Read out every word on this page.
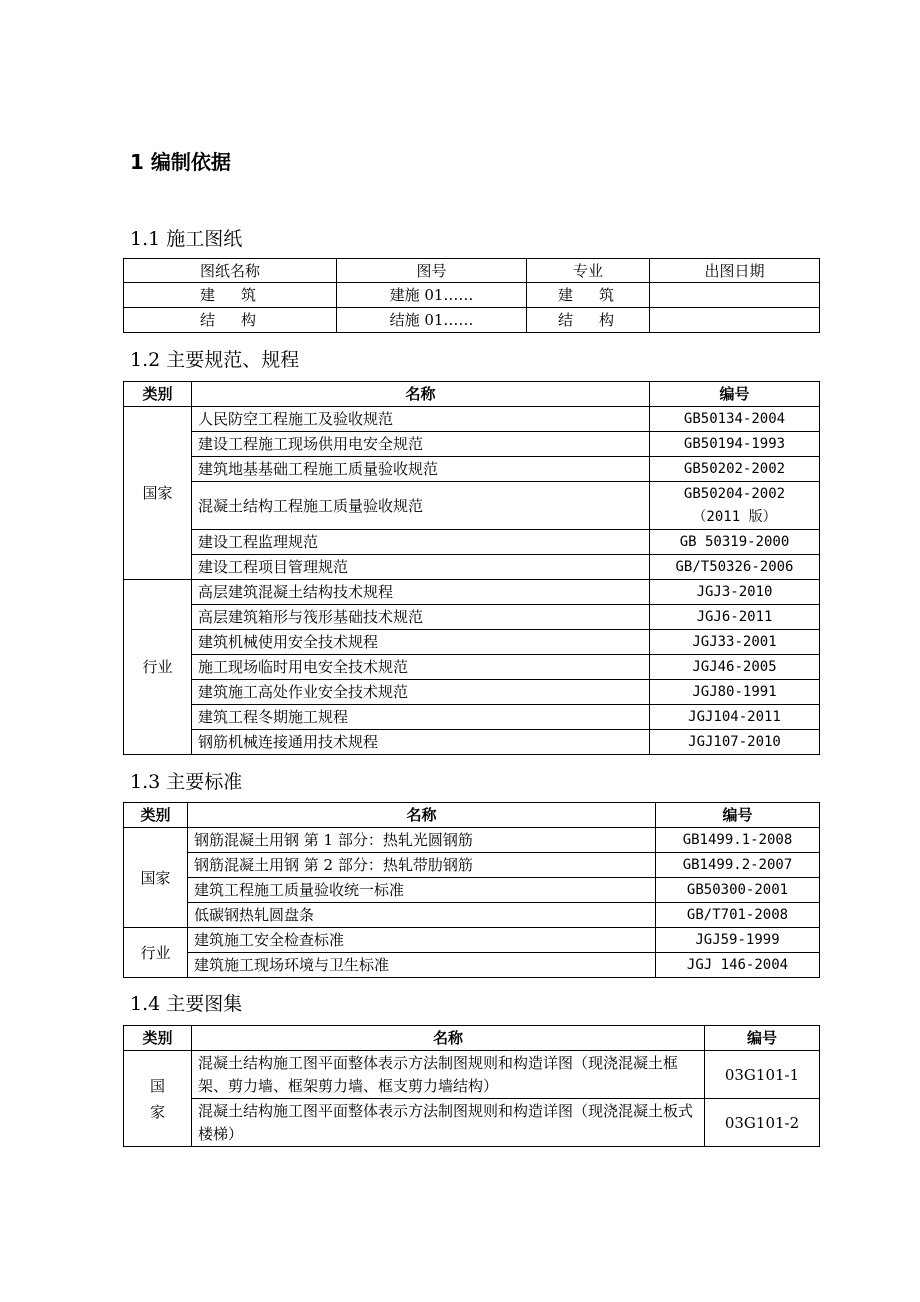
1 编制依据
1.1 施工图纸
图纸名称	图号	专业	出图日期
建筑	建施 01……	建筑	
结构	结施 01……	结构	
1.2 主要规范、规程
类别	名称	编号
国家	人民防空工程施工及验收规范	GB50134-2004
	建设工程施工现场供用电安全规范	GB50194-1993
	建筑地基基础工程施工质量验收规范	GB50202-2002
	混凝土结构工程施工质量验收规范	GB50204-2002
（2011 版）
	建设工程监理规范	GB 50319-2000
	建设工程项目管理规范	GB/T50326-2006
行业	高层建筑混凝土结构技术规程	JGJ3-2010
	高层建筑箱形与筏形基础技术规范	JGJ6-2011
	建筑机械使用安全技术规程	JGJ33-2001
	施工现场临时用电安全技术规范	JGJ46-2005
	建筑施工高处作业安全技术规范	JGJ80-1991
	建筑工程冬期施工规程	JGJ104-2011
	钢筋机械连接通用技术规程	JGJ107-2010
1.3 主要标准
类别	名称	编号
国家	钢筋混凝土用钢 第 1 部分：热轧光圆钢筋	GB1499.1-2008
	钢筋混凝土用钢 第 2 部分：热轧带肋钢筋	GB1499.2-2007
	建筑工程施工质量验收统一标准	GB50300-2001
	低碳钢热轧圆盘条	GB/T701-2008
行业	建筑施工安全检查标准	JGJ59-1999
	建筑施工现场环境与卫生标准	JGJ 146-2004
1.4 主要图集
类别	名称	编号
国
家	混凝土结构施工图平面整体表示方法制图规则和构造详图（现浇混凝土框架、剪力墙、框架剪力墙、框支剪力墙结构）	03G101-1
	混凝土结构施工图平面整体表示方法制图规则和构造详图（现浇混凝土板式楼梯）	03G101-2
